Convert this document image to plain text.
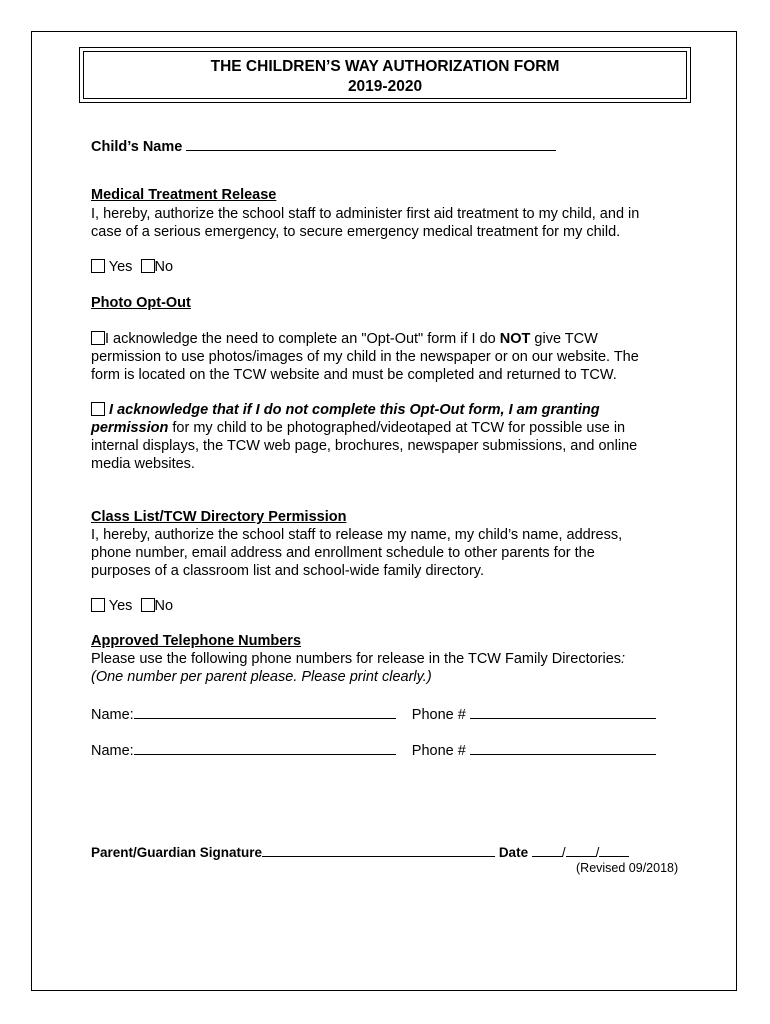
THE CHILDREN’S WAY AUTHORIZATION FORM
2019-2020
Child’s Name
Medical Treatment Release
I, hereby, authorize the school staff to administer first aid treatment to my child, and in
case of a serious emergency, to secure emergency medical treatment for my child.
Yes No
Photo Opt-Out
I acknowledge the need to complete an "Opt-Out" form if I do NOT give TCW
permission to use photos/images of my child in the newspaper or on our website. The
form is located on the TCW website and must be completed and returned to TCW.
I acknowledge that if I do not complete this Opt-Out form, I am granting
permission for my child to be photographed/videotaped at TCW for possible use in
internal displays, the TCW web page, brochures, newspaper submissions, and online
media websites.
Class List/TCW Directory Permission
I, hereby, authorize the school staff to release my name, my child’s name, address,
phone number, email address and enrollment schedule to other parents for the
purposes of a classroom list and school-wide family directory.
Yes No
Approved Telephone Numbers
Please use the following phone numbers for release in the TCW Family Directories:
(One number per parent please. Please print clearly.)
Name:	Phone #
Name:	Phone #
Parent/Guardian Signature	Date	/ /
(Revised 09/2018)
